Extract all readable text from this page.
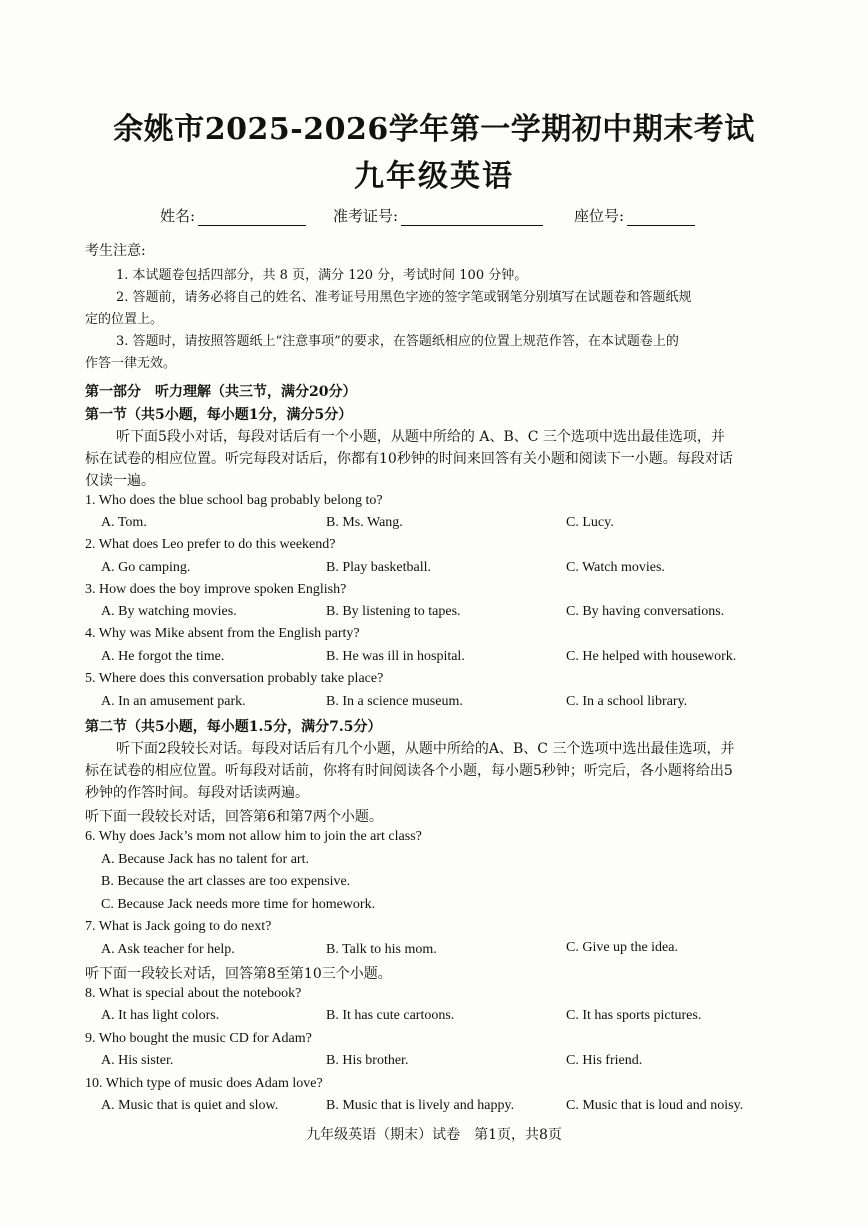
余姚市2025-2026学年第一学期初中期末考试
九年级英语
姓名:	准考证号:	座位号:
考生注意:
1. 本试题卷包括四部分，共 8 页，满分 120 分，考试时间 100 分钟。
2. 答题前，请务必将自己的姓名、准考证号用黑色字迹的签字笔或钢笔分别填写在试题卷和答题纸规
定的位置上。
3. 答题时，请按照答题纸上“注意事项”的要求，在答题纸相应的位置上规范作答，在本试题卷上的
作答一律无效。
第一部分　听力理解（共三节，满分20分）
第一节（共5小题，每小题1分，满分5分）
听下面5段小对话，每段对话后有一个小题，从题中所给的 A、B、C 三个选项中选出最佳选项，并
标在试卷的相应位置。听完每段对话后，你都有10秒钟的时间来回答有关小题和阅读下一小题。每段对话
仅读一遍。
1. Who does the blue school bag probably belong to?
A. Tom.	B. Ms. Wang.	C. Lucy.
2. What does Leo prefer to do this weekend?
A. Go camping.	B. Play basketball.	C. Watch movies.
3. How does the boy improve spoken English?
A. By watching movies.	B. By listening to tapes.	C. By having conversations.
4. Why was Mike absent from the English party?
A. He forgot the time.	B. He was ill in hospital.	C. He helped with housework.
5. Where does this conversation probably take place?
A. In an amusement park.	B. In a science museum.	C. In a school library.
第二节（共5小题，每小题1.5分，满分7.5分）
听下面2段较长对话。每段对话后有几个小题，从题中所给的A、B、C 三个选项中选出最佳选项，并
标在试卷的相应位置。听每段对话前，你将有时间阅读各个小题，每小题5秒钟；听完后，各小题将给出5
秒钟的作答时间。每段对话读两遍。
听下面一段较长对话，回答第6和第7两个小题。
6. Why does Jack’s mom not allow him to join the art class?
A. Because Jack has no talent for art.
B. Because the art classes are too expensive.
C. Because Jack needs more time for homework.
7. What is Jack going to do next?
A. Ask teacher for help.	B. Talk to his mom.	C. Give up the idea.
听下面一段较长对话，回答第8至第10三个小题。
8. What is special about the notebook?
A. It has light colors.	B. It has cute cartoons.	C. It has sports pictures.
9. Who bought the music CD for Adam?
A. His sister.	B. His brother.	C. His friend.
10. Which type of music does Adam love?
A. Music that is quiet and slow.	B. Music that is lively and happy.	C. Music that is loud and noisy.
九年级英语（期末）试卷　第1页，共8页
